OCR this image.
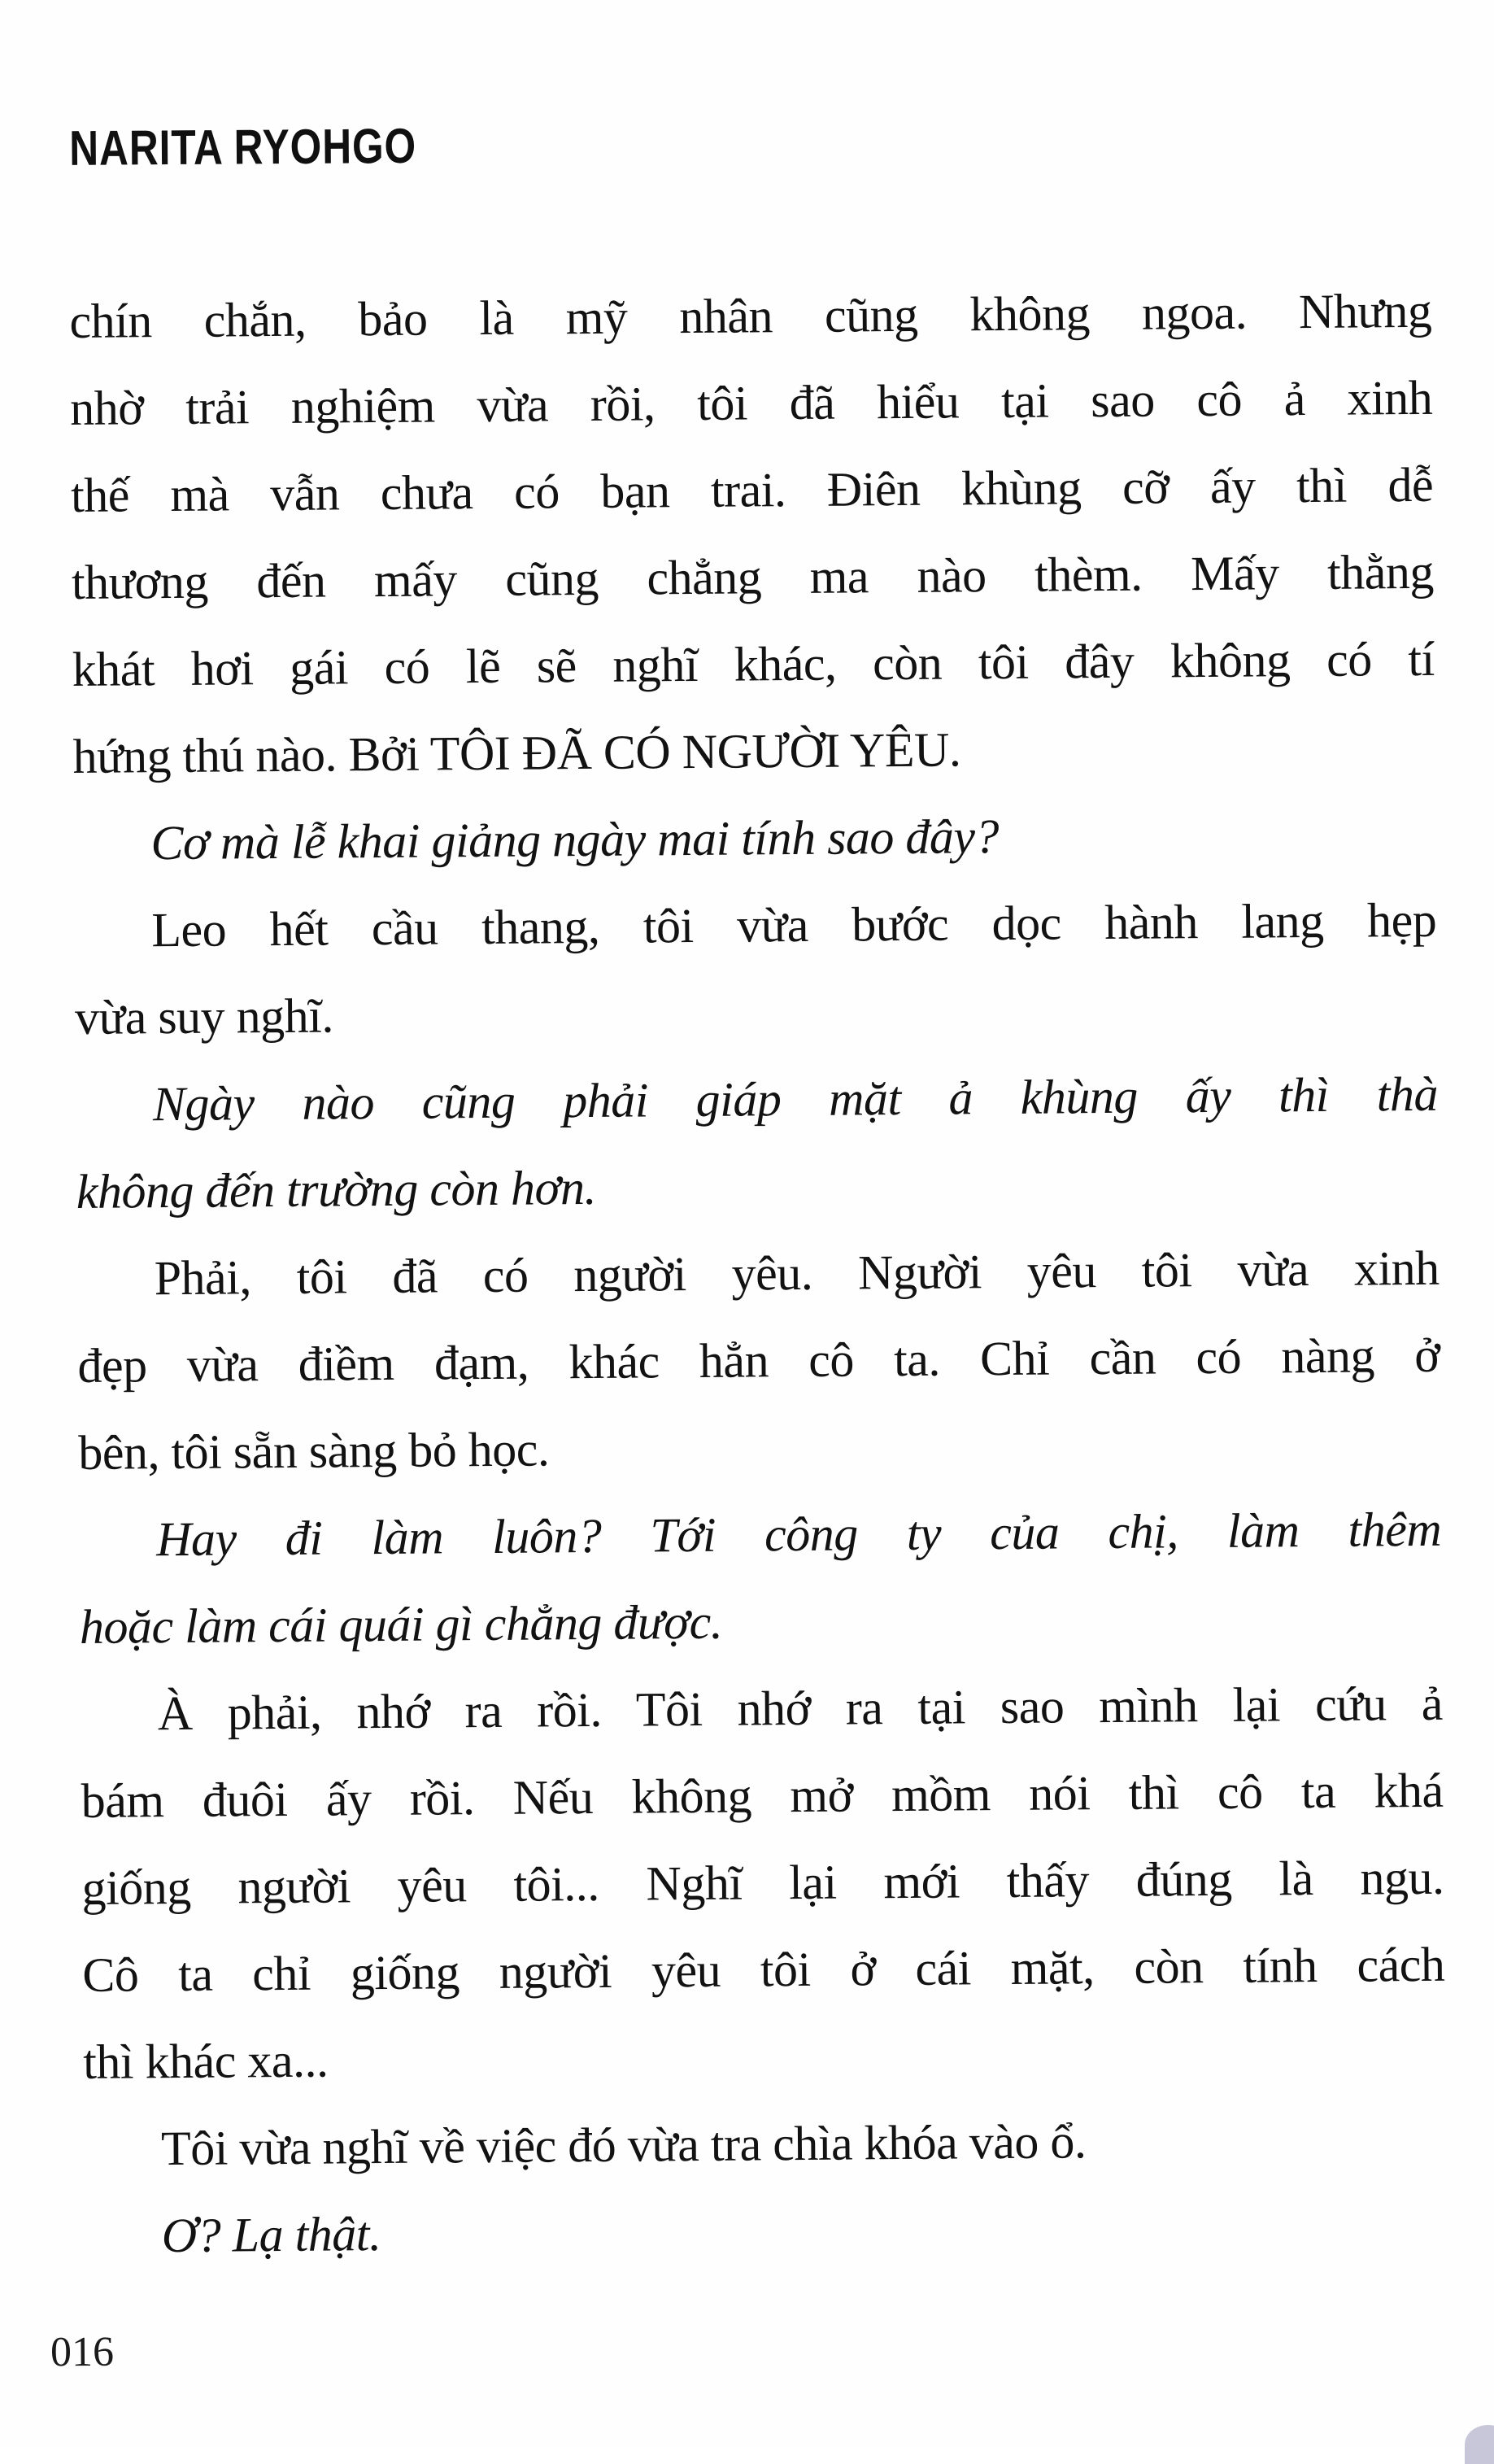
NARITA RYOHGO

chín chắn, bảo là mỹ nhân cũng không ngoa. Nhưng
nhờ trải nghiệm vừa rồi, tôi đã hiểu tại sao cô ả xinh
thế mà vẫn chưa có bạn trai. Điên khùng cỡ ấy thì dễ
thương đến mấy cũng chẳng ma nào thèm. Mấy thằng
khát hơi gái có lẽ sẽ nghĩ khác, còn tôi đây không có tí
hứng thú nào. Bởi TÔI ĐÃ CÓ NGƯỜI YÊU.

Cơ mà lễ khai giảng ngày mai tính sao đây?

Leo hết cầu thang, tôi vừa bước dọc hành lang hẹp
vừa suy nghĩ.

Ngày nào cũng phải giáp mặt ả khùng ấy thì thà
không đến trường còn hơn.

Phải, tôi đã có người yêu. Người yêu tôi vừa xinh
đẹp vừa điềm đạm, khác hẳn cô ta. Chỉ cần có nàng ở
bên, tôi sẵn sàng bỏ học.

Hay đi làm luôn? Tới công ty của chị, làm thêm
hoặc làm cái quái gì chẳng được.

À phải, nhớ ra rồi. Tôi nhớ ra tại sao mình lại cứu ả
bám đuôi ấy rồi. Nếu không mở mồm nói thì cô ta khá
giống người yêu tôi... Nghĩ lại mới thấy đúng là ngu.
Cô ta chỉ giống người yêu tôi ở cái mặt, còn tính cách
thì khác xa...

Tôi vừa nghĩ về việc đó vừa tra chìa khóa vào ổ.

Ơ? Lạ thật.

016
